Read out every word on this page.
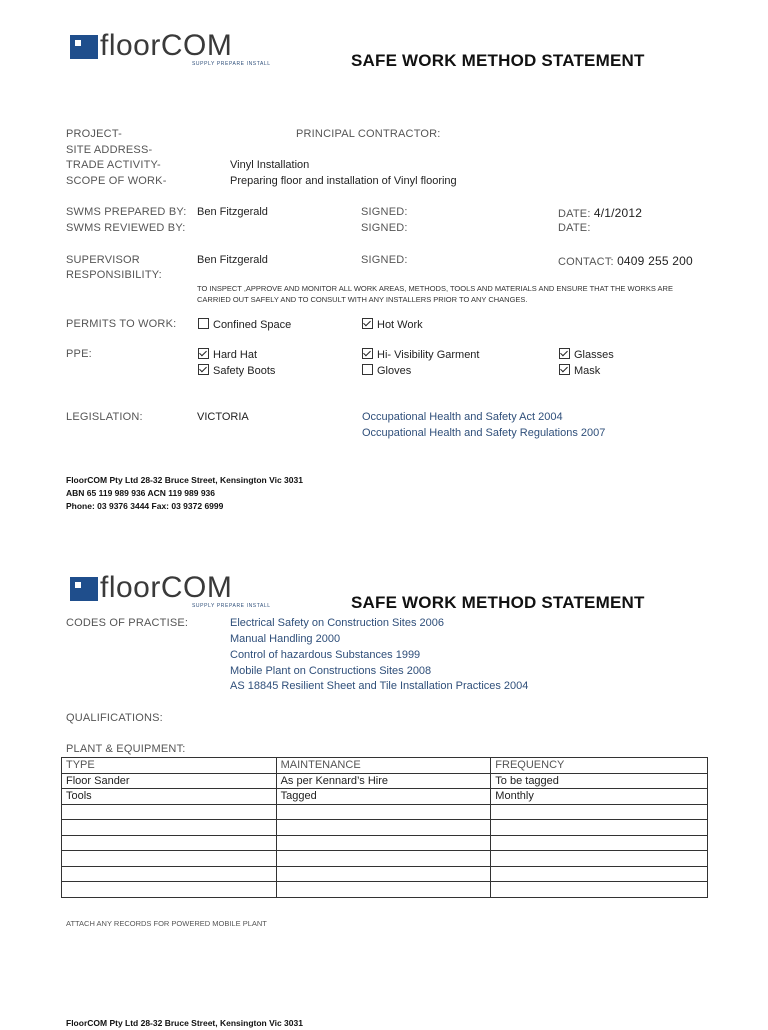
floorCOM
SUPPLY PREPARE INSTALL	SAFE WORK METHOD STATEMENT
PROJECT-	PRINCIPAL CONTRACTOR:
SITE ADDRESS-
TRADE ACTIVITY-	Vinyl Installation
SCOPE OF WORK-	Preparing floor and installation of Vinyl flooring
SWMS PREPARED BY: Ben Fitzgerald	SIGNED:	DATE: 4/1/2012
SWMS REVIEWED BY:	SIGNED:	DATE:
SUPERVISOR
RESPONSIBILITY:
Ben Fitzgerald	SIGNED:	CONTACT: 0409 255 200
TO INSPECT ,APPROVE AND MONITOR ALL WORK AREAS, METHODS, TOOLS AND MATERIALS AND ENSURE THAT THE WORKS ARE
CARRIED OUT SAFELY AND TO CONSULT WITH ANY INSTALLERS PRIOR TO ANY CHANGES.
PERMITS TO WORK:	Confined Space	Hot Work
PPE:	Hard Hat	Hi- Visibility Garment	Glasses
Safety Boots	Gloves	Mask
LEGISLATION:	VICTORIA	Occupational Health and Safety Act 2004
Occupational Health and Safety Regulations 2007
FloorCOM Pty Ltd 28-32 Bruce Street, Kensington Vic 3031
ABN 65 119 989 936 ACN 119 989 936
Phone: 03 9376 3444 Fax: 03 9372 6999
floorCOM
SUPPLY PREPARE INSTALL	SAFE WORK METHOD STATEMENT
CODES OF PRACTISE:	Electrical Safety on Construction Sites 2006
Manual Handling 2000
Control of hazardous Substances 1999
Mobile Plant on Constructions Sites 2008
AS 18845 Resilient Sheet and Tile Installation Practices 2004
QUALIFICATIONS:
PLANT & EQUIPMENT:
TYPE	MAINTENANCE	FREQUENCY
Floor Sander	As per Kennard’s Hire	To be tagged
Tools	Tagged	Monthly

ATTACH ANY RECORDS FOR POWERED MOBILE PLANT
FloorCOM Pty Ltd 28-32 Bruce Street, Kensington Vic 3031
